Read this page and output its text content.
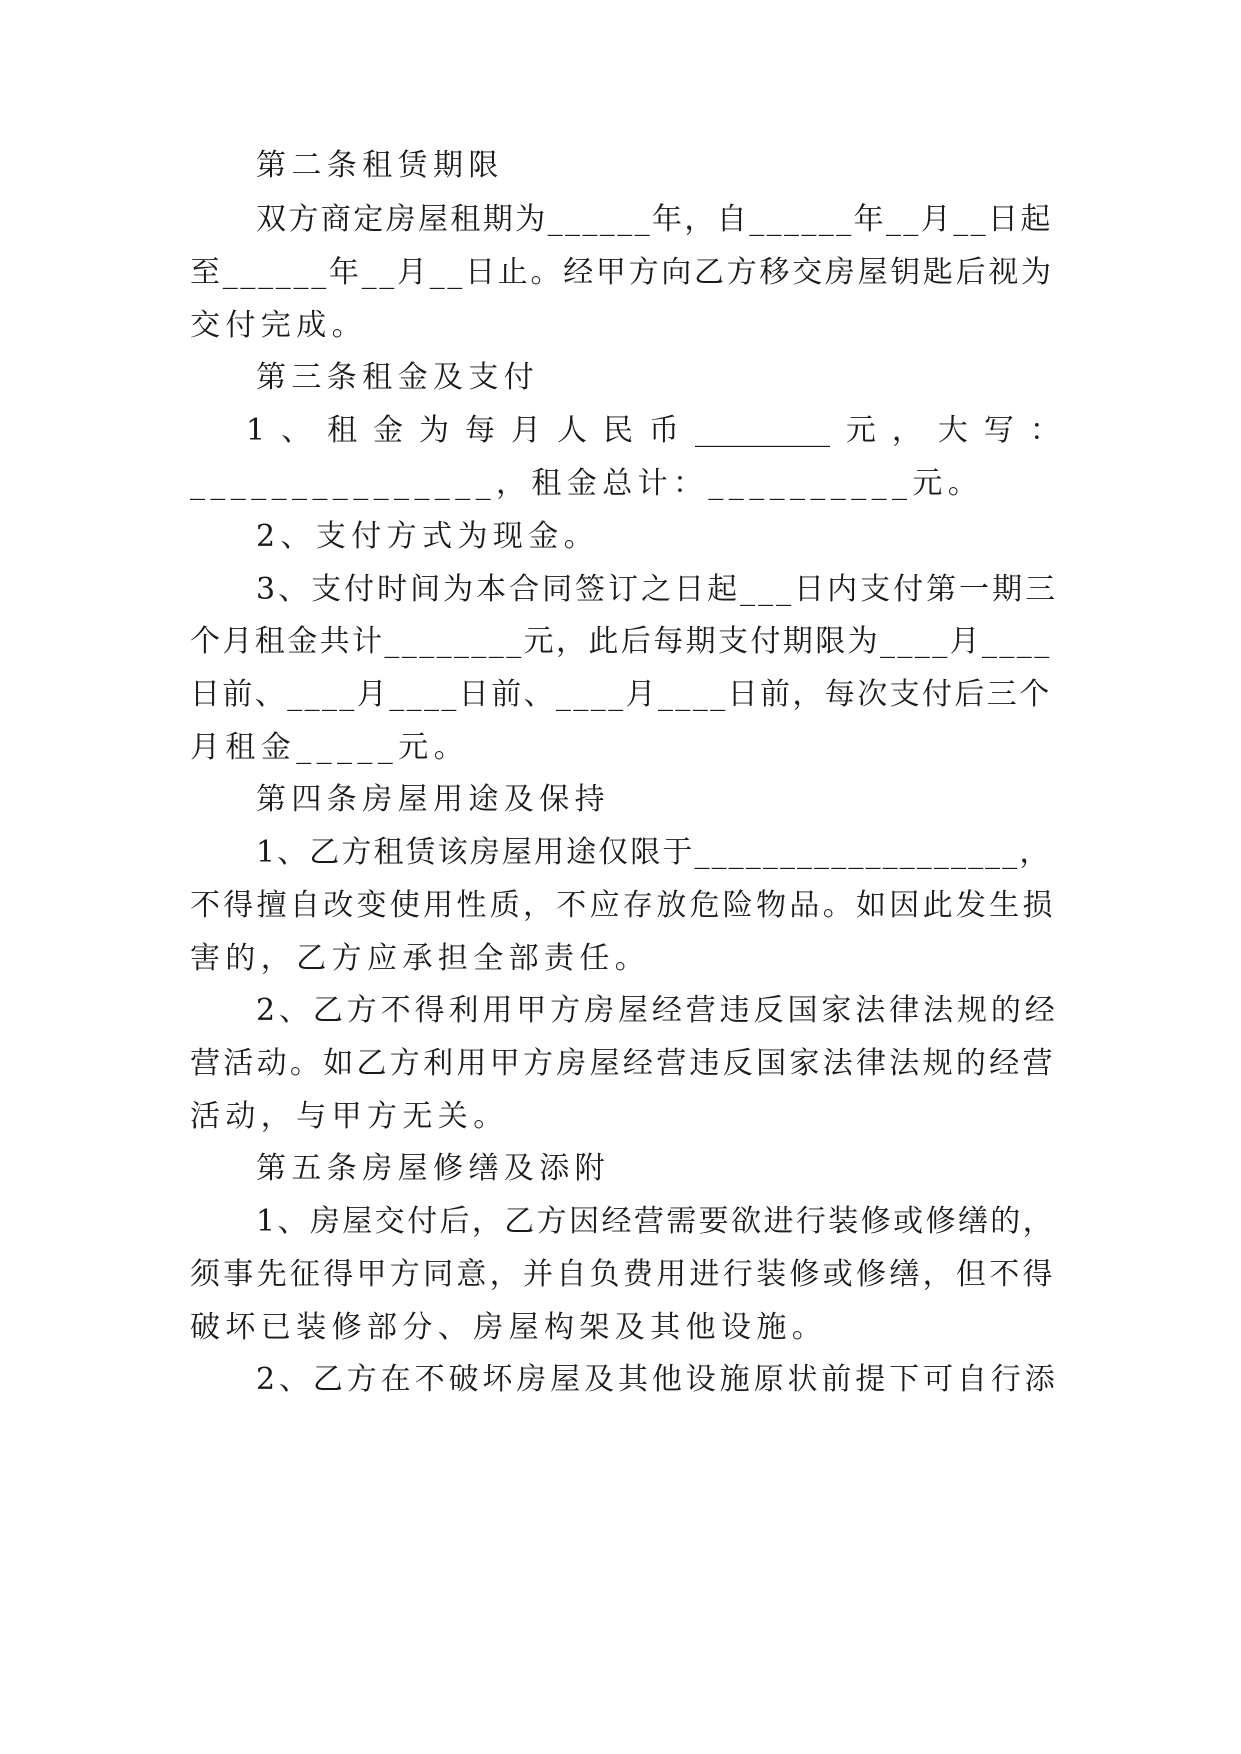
第二条租赁期限
双方商定房屋租期为______年，自______年__月__日起
至______年__月__日止。经甲方向乙方移交房屋钥匙后视为
交付完成。
第三条租金及支付
1 、 租 金 为 每 月 人 民 币 _________ 元 ， 大 写 ：
_______________，租金总计：__________元。
2、支付方式为现金。
3、支付时间为本合同签订之日起___日内支付第一期三
个月租金共计________元，此后每期支付期限为____月____
日前、____月____日前、____月____日前，每次支付后三个
月租金_____元。
第四条房屋用途及保持
1、乙方租赁该房屋用途仅限于___________________，
不得擅自改变使用性质，不应存放危险物品。如因此发生损
害的，乙方应承担全部责任。
2、乙方不得利用甲方房屋经营违反国家法律法规的经
营活动。如乙方利用甲方房屋经营违反国家法律法规的经营
活动，与甲方无关。
第五条房屋修缮及添附
1、房屋交付后，乙方因经营需要欲进行装修或修缮的，
须事先征得甲方同意，并自负费用进行装修或修缮，但不得
破坏已装修部分、房屋构架及其他设施。
2、乙方在不破坏房屋及其他设施原状前提下可自行添
